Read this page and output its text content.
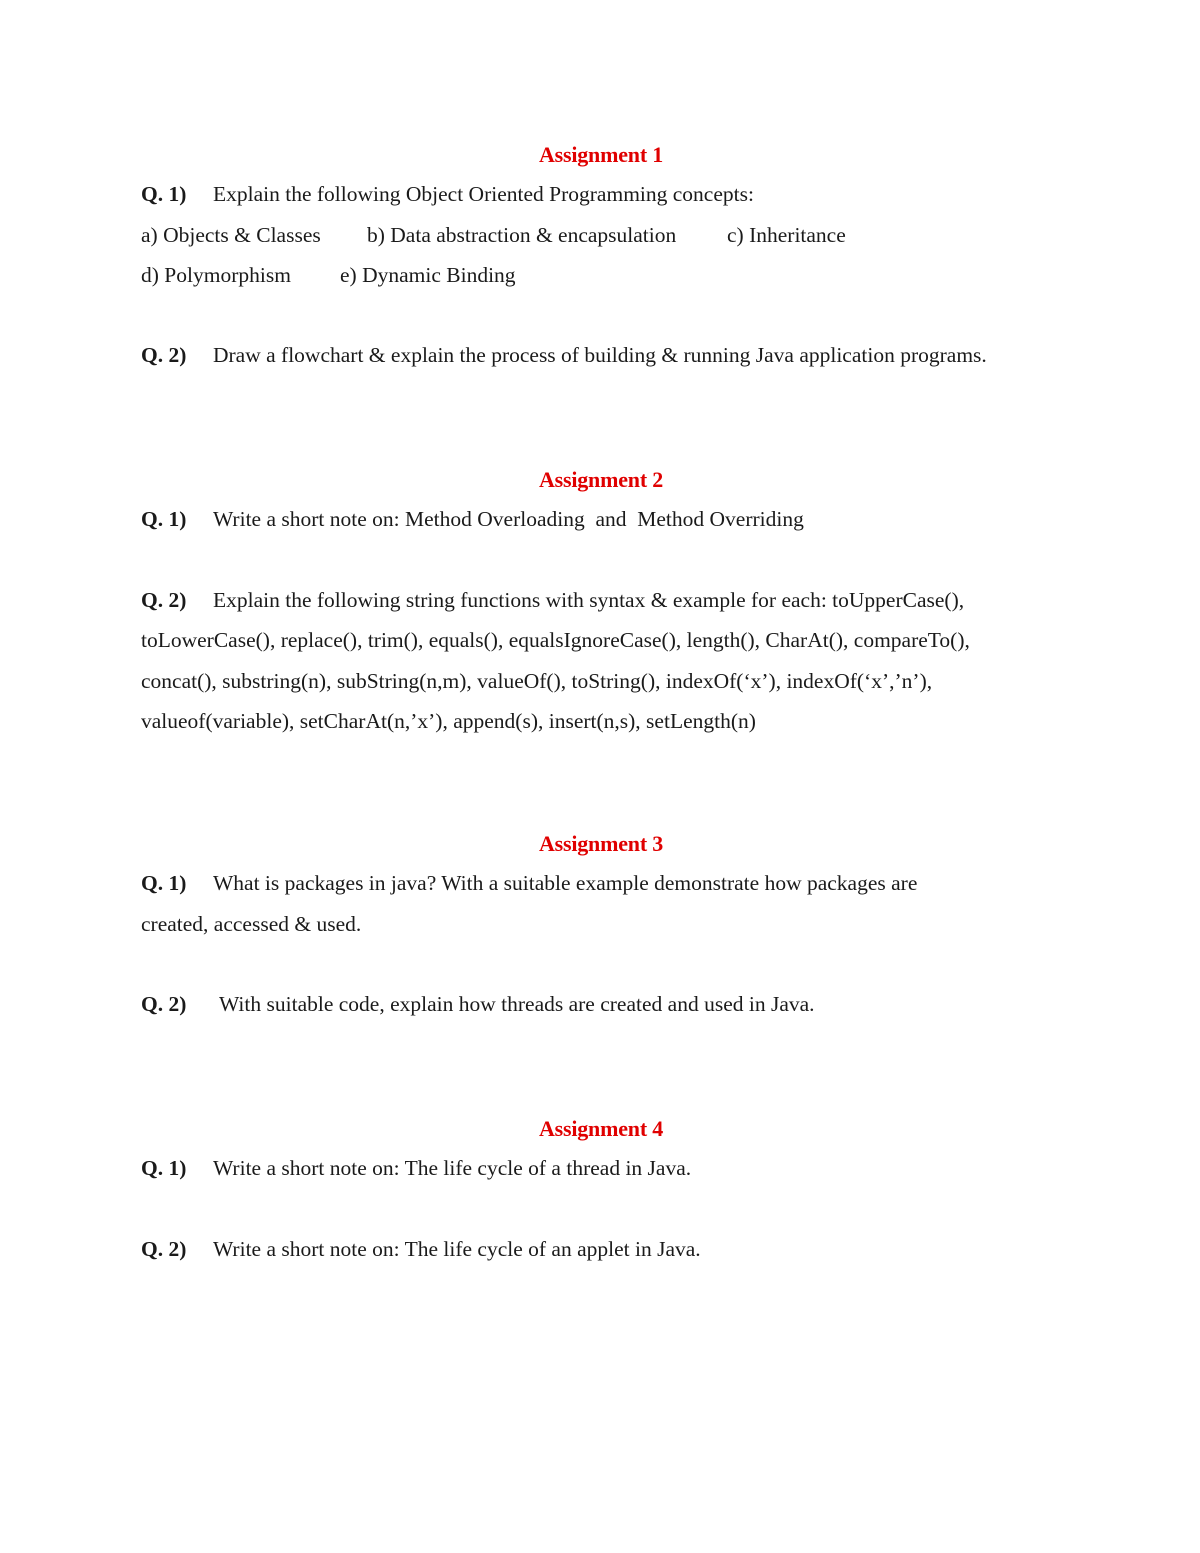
Assignment 1

Q. 1) Explain the following Object Oriented Programming concepts:

a) Objects & Classes b) Data abstraction & encapsulation c) Inheritance

d) Polymorphism e) Dynamic Binding

Q. 2) Draw a flowchart & explain the process of building & running Java application programs.

Assignment 2

Q. 1) Write a short note on: Method Overloading  and  Method Overriding

Q. 2) Explain the following string functions with syntax & example for each: toUpperCase(),
toLowerCase(), replace(), trim(), equals(), equalsIgnoreCase(), length(), CharAt(), compareTo(),
concat(), substring(n), subString(n,m), valueOf(), toString(), indexOf(‘x’), indexOf(‘x’,’n’),
valueof(variable), setCharAt(n,’x’), append(s), insert(n,s), setLength(n)

Assignment 3

Q. 1) What is packages in java? With a suitable example demonstrate how packages are
created, accessed & used.

Q. 2) With suitable code, explain how threads are created and used in Java.

Assignment 4

Q. 1) Write a short note on: The life cycle of a thread in Java.

Q. 2) Write a short note on: The life cycle of an applet in Java.
